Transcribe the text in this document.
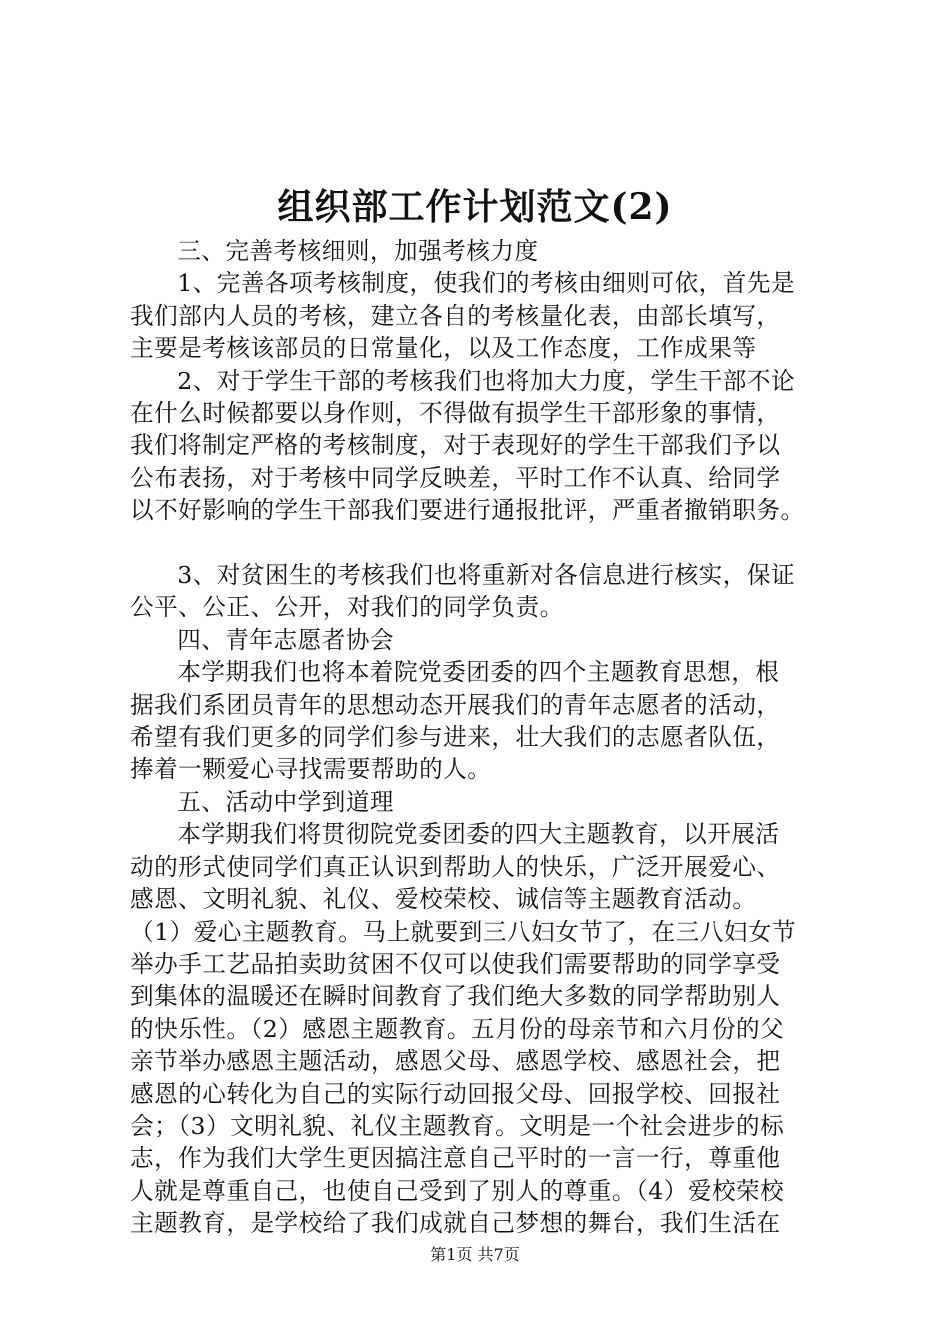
组织部工作计划范文(2)

三、完善考核细则，加强考核力度

1、完善各项考核制度，使我们的考核由细则可依，首先是

我们部内人员的考核，建立各自的考核量化表，由部长填写，

主要是考核该部员的日常量化，以及工作态度，工作成果等

2、对于学生干部的考核我们也将加大力度，学生干部不论

在什么时候都要以身作则，不得做有损学生干部形象的事情，

我们将制定严格的考核制度，对于表现好的学生干部我们予以

公布表扬，对于考核中同学反映差，平时工作不认真、给同学

以不好影响的学生干部我们要进行通报批评，严重者撤销职务。

3、对贫困生的考核我们也将重新对各信息进行核实，保证

公平、公正、公开，对我们的同学负责。

四、青年志愿者协会

本学期我们也将本着院党委团委的四个主题教育思想，根

据我们系团员青年的思想动态开展我们的青年志愿者的活动，

希望有我们更多的同学们参与进来，壮大我们的志愿者队伍，

捧着一颗爱心寻找需要帮助的人。

五、活动中学到道理

本学期我们将贯彻院党委团委的四大主题教育，以开展活

动的形式使同学们真正认识到帮助人的快乐，广泛开展爱心、

感恩、文明礼貌、礼仪、爱校荣校、诚信等主题教育活动。

（1）爱心主题教育。马上就要到三八妇女节了，在三八妇女节

举办手工艺品拍卖助贫困不仅可以使我们需要帮助的同学享受

到集体的温暖还在瞬时间教育了我们绝大多数的同学帮助别人

的快乐性。（2）感恩主题教育。五月份的母亲节和六月份的父

亲节举办感恩主题活动，感恩父母、感恩学校、感恩社会，把

感恩的心转化为自己的实际行动回报父母、回报学校、回报社

会；（3）文明礼貌、礼仪主题教育。文明是一个社会进步的标

志，作为我们大学生更因搞注意自己平时的一言一行，尊重他

人就是尊重自己，也使自己受到了别人的尊重。（4）爱校荣校

主题教育，是学校给了我们成就自己梦想的舞台，我们生活在

第1页 共7页
